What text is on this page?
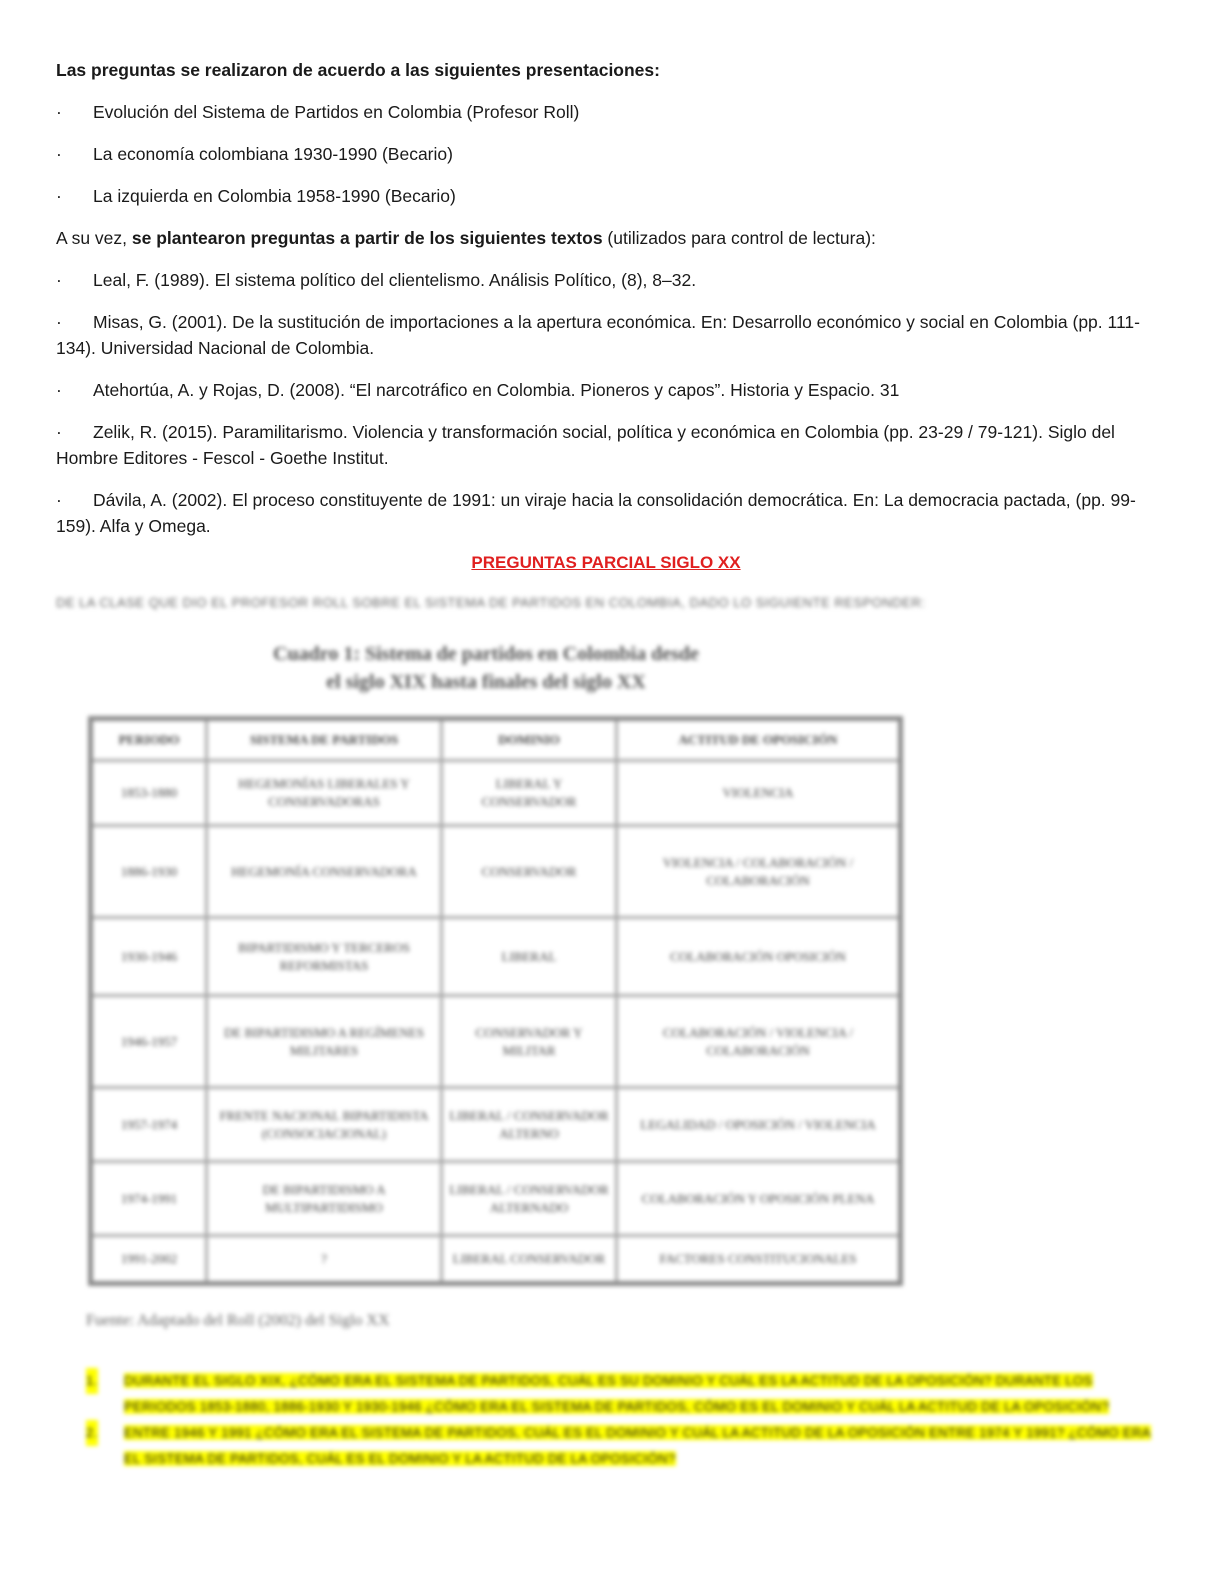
Las preguntas se realizaron de acuerdo a las siguientes presentaciones:
· Evolución del Sistema de Partidos en Colombia (Profesor Roll)
· La economía colombiana 1930-1990 (Becario)
· La izquierda en Colombia 1958-1990 (Becario)
A su vez, se plantearon preguntas a partir de los siguientes textos (utilizados para control de lectura):
· Leal, F. (1989). El sistema político del clientelismo. Análisis Político, (8), 8–32.
· Misas, G. (2001). De la sustitución de importaciones a la apertura económica. En: Desarrollo económico y social en Colombia (pp. 111-134). Universidad Nacional de Colombia.
· Atehortúa, A. y Rojas, D. (2008). “El narcotráfico en Colombia. Pioneros y capos”. Historia y Espacio. 31
· Zelik, R. (2015). Paramilitarismo. Violencia y transformación social, política y económica en Colombia (pp. 23-29 / 79-121). Siglo del Hombre Editores - Fescol - Goethe Institut.
· Dávila, A. (2002). El proceso constituyente de 1991: un viraje hacia la consolidación democrática. En: La democracia pactada, (pp. 99-159). Alfa y Omega.
PREGUNTAS PARCIAL SIGLO XX
DE LA CLASE QUE DIO EL PROFESOR ROLL SOBRE EL SISTEMA DE PARTIDOS EN COLOMBIA, DADO LO SIGUIENTE RESPONDER:
Cuadro 1: Sistema de partidos en Colombia desde
el siglo XIX hasta finales del siglo XX
PERIODO	SISTEMA DE PARTIDOS	DOMINIO	ACTITUD DE OPOSICIÓN
1853-1880	HEGEMONÍAS LIBERALES Y CONSERVADORAS	LIBERAL Y CONSERVADOR	VIOLENCIA
1886-1930	HEGEMONÍA CONSERVADORA	CONSERVADOR	VIOLENCIA / COLABORACIÓN / COLABORACIÓN
1930-1946	BIPARTIDISMO Y TERCEROS REFORMISTAS	LIBERAL	COLABORACIÓN OPOSICIÓN
1946-1957	DE BIPARTIDISMO A REGÍMENES MILITARES	CONSERVADOR Y MILITAR	COLABORACIÓN / VIOLENCIA / COLABORACIÓN
1957-1974	FRENTE NACIONAL BIPARTIDISTA (CONSOCIACIONAL)	LIBERAL / CONSERVADOR ALTERNO	LEGALIDAD / OPOSICIÓN / VIOLENCIA
1974-1991	DE BIPARTIDISMO A MULTIPARTIDISMO	LIBERAL / CONSERVADOR ALTERNADO	COLABORACIÓN Y OPOSICIÓN PLENA
1991-2002	?	LIBERAL CONSERVADOR	FACTORES CONSTITUCIONALES
Fuente: Adaptado del Roll (2002) del Siglo XX
1. DURANTE EL SIGLO XIX, ¿CÓMO ERA EL SISTEMA DE PARTIDOS, CUÁL ES SU DOMINIO Y CUÁL ES LA ACTITUD DE LA OPOSICIÓN? DURANTE LOS PERIODOS 1853-1880, 1886-1930 Y 1930-1946 ¿CÓMO ERA EL SISTEMA DE PARTIDOS, CÓMO ES EL DOMINIO Y CUÁL LA ACTITUD DE LA OPOSICIÓN?
2. ENTRE 1946 Y 1991 ¿CÓMO ERA EL SISTEMA DE PARTIDOS, CUÁL ES EL DOMINIO Y CUÁL LA ACTITUD DE LA OPOSICIÓN ENTRE 1974 Y 1991? ¿CÓMO ERA EL SISTEMA DE PARTIDOS, CUÁL ES EL DOMINIO Y LA ACTITUD DE LA OPOSICIÓN?
